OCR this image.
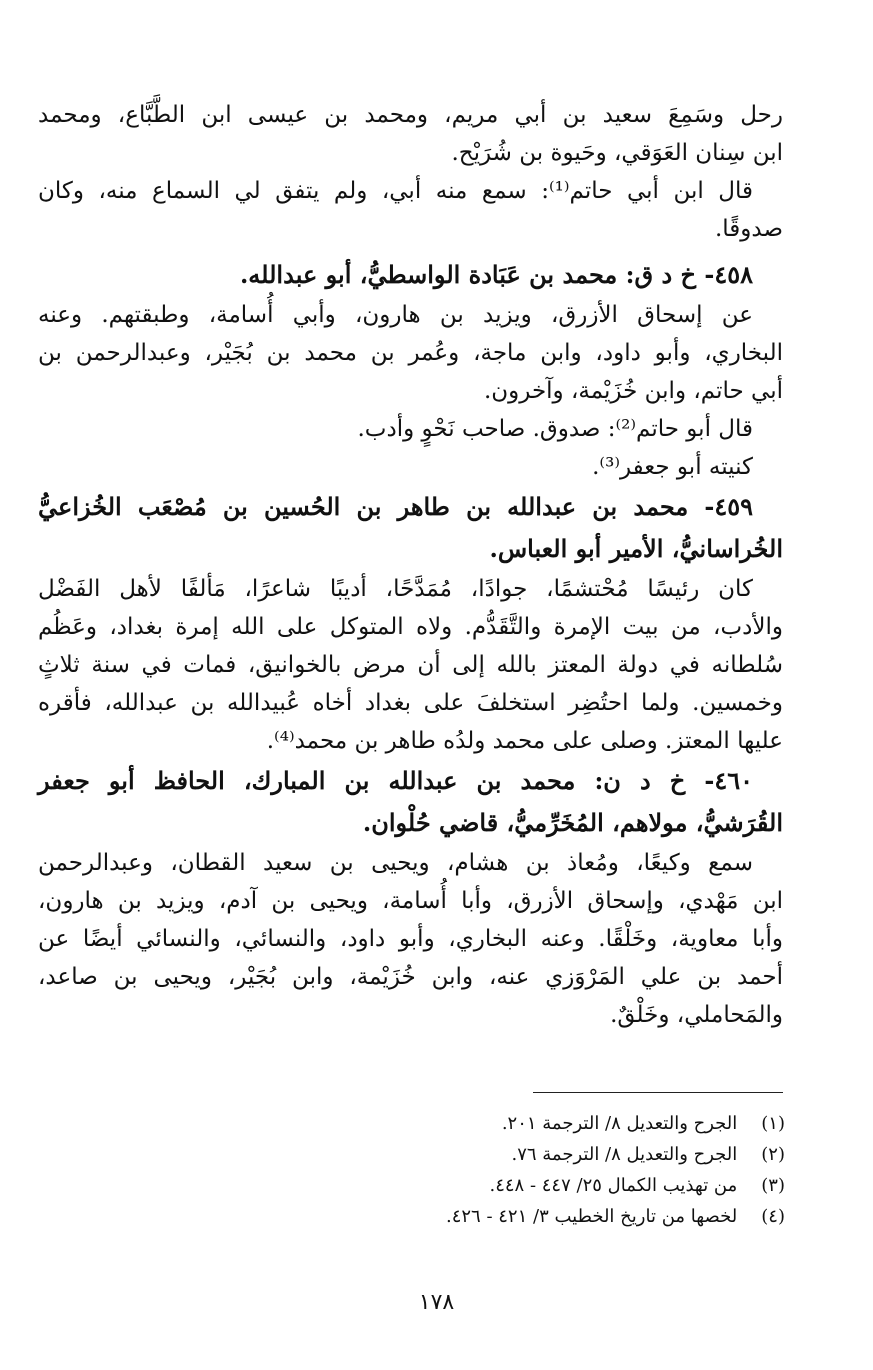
رحل وسَمِعَ سعيد بن أبي مريم، ومحمد بن عيسى ابن الطَّبَّاع، ومحمد
ابن سِنان العَوَقي، وحَيوة بن شُرَيْح.
قال ابن أبي حاتم⁽¹⁾: سمع منه أبي، ولم يتفق لي السماع منه، وكان
صدوقًا.
٤٥٨- خ د ق: محمد بن عَبَادة الواسطيُّ، أبو عبدالله.
عن إسحاق الأزرق، ويزيد بن هارون، وأبي أُسامة، وطبقتهم. وعنه
البخاري، وأبو داود، وابن ماجة، وعُمر بن محمد بن بُجَيْر، وعبدالرحمن بن
أبي حاتم، وابن خُزَيْمة، وآخرون.
قال أبو حاتم⁽²⁾: صدوق. صاحب نَحْوٍ وأدب.
كنيته أبو جعفر⁽³⁾.
٤٥٩- محمد بن عبدالله بن طاهر بن الحُسين بن مُصْعَب الخُزاعيُّ
الخُراسانيُّ، الأمير أبو العباس.
كان رئيسًا مُحْتشمًا، جوادًا، مُمَدَّحًا، أديبًا شاعرًا، مَألفًا لأهل الفَضْل
والأدب، من بيت الإمرة والتَّقَدُّم. ولاه المتوكل على الله إمرة بغداد، وعَظُم
سُلطانه في دولة المعتز بالله إلى أن مرض بالخوانيق، فمات في سنة ثلاثٍ
وخمسين. ولما احتُضِر استخلفَ على بغداد أخاه عُبيدالله بن عبدالله، فأقره
عليها المعتز. وصلى على محمد ولدُه طاهر بن محمد⁽⁴⁾.
٤٦٠- خ د ن: محمد بن عبدالله بن المبارك، الحافظ أبو جعفر
القُرَشيُّ، مولاهم، المُخَرِّميُّ، قاضي حُلْوان.
سمع وكيعًا، ومُعاذ بن هشام، ويحيى بن سعيد القطان، وعبدالرحمن
ابن مَهْدي، وإسحاق الأزرق، وأبا أُسامة، ويحيى بن آدم، ويزيد بن هارون،
وأبا معاوية، وخَلْقًا. وعنه البخاري، وأبو داود، والنسائي، والنسائي أيضًا عن
أحمد بن علي المَرْوَزي عنه، وابن خُزَيْمة، وابن بُجَيْر، ويحيى بن صاعد،
والمَحاملي، وخَلْقٌ.
(١) الجرح والتعديل ٨/ الترجمة ٢٠١.
(٢) الجرح والتعديل ٨/ الترجمة ٧٦.
(٣) من تهذيب الكمال ٢٥/ ٤٤٧ - ٤٤٨.
(٤) لخصها من تاريخ الخطيب ٣/ ٤٢١ - ٤٢٦.
١٧٨
